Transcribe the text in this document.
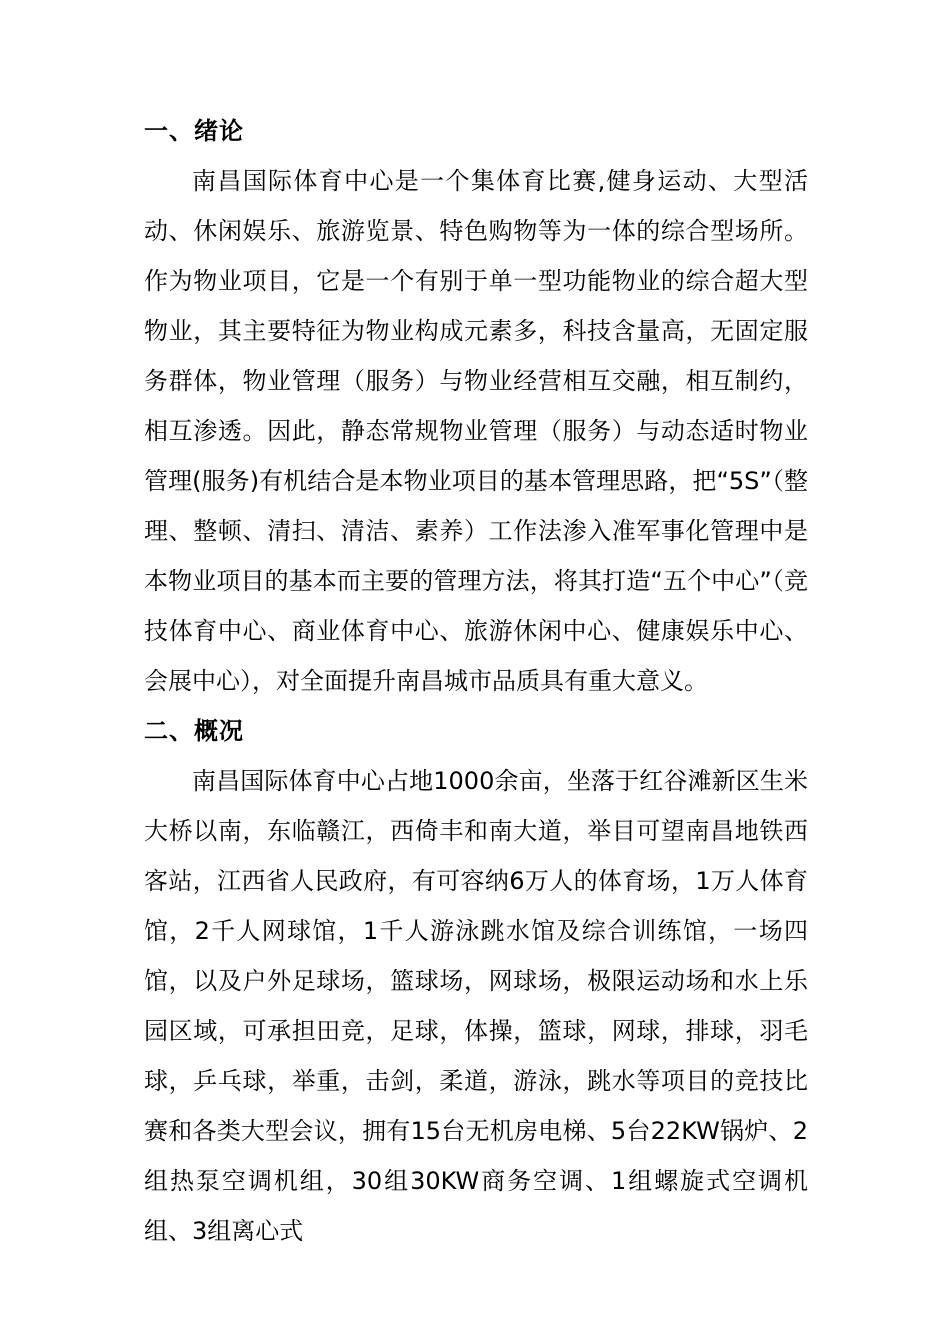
一、绪论

南昌国际体育中心是一个集体育比赛,健身运动、大型活动、休闲娱乐、旅游览景、特色购物等为一体的综合型场所。作为物业项目，它是一个有别于单一型功能物业的综合超大型物业，其主要特征为物业构成元素多，科技含量高，无固定服务群体，物业管理（服务）与物业经营相互交融，相互制约，相互渗透。因此，静态常规物业管理（服务）与动态适时物业管理(服务)有机结合是本物业项目的基本管理思路，把“5S”（整理、整顿、清扫、清洁、素养）工作法渗入准军事化管理中是本物业项目的基本而主要的管理方法，将其打造“五个中心”（竞技体育中心、商业体育中心、旅游休闲中心、健康娱乐中心、会展中心），对全面提升南昌城市品质具有重大意义。

二、概况

南昌国际体育中心占地1000余亩，坐落于红谷滩新区生米大桥以南，东临赣江，西倚丰和南大道，举目可望南昌地铁西客站，江西省人民政府，有可容纳6万人的体育场，1万人体育馆，2千人网球馆，1千人游泳跳水馆及综合训练馆，一场四馆，以及户外足球场，篮球场，网球场，极限运动场和水上乐园区域，可承担田竞，足球，体操，篮球，网球，排球，羽毛球，乒乓球，举重，击剑，柔道，游泳，跳水等项目的竞技比赛和各类大型会议，拥有15台无机房电梯、5台22KW锅炉、2组热泵空调机组，30组30KW商务空调、1组螺旋式空调机组、3组离心式
